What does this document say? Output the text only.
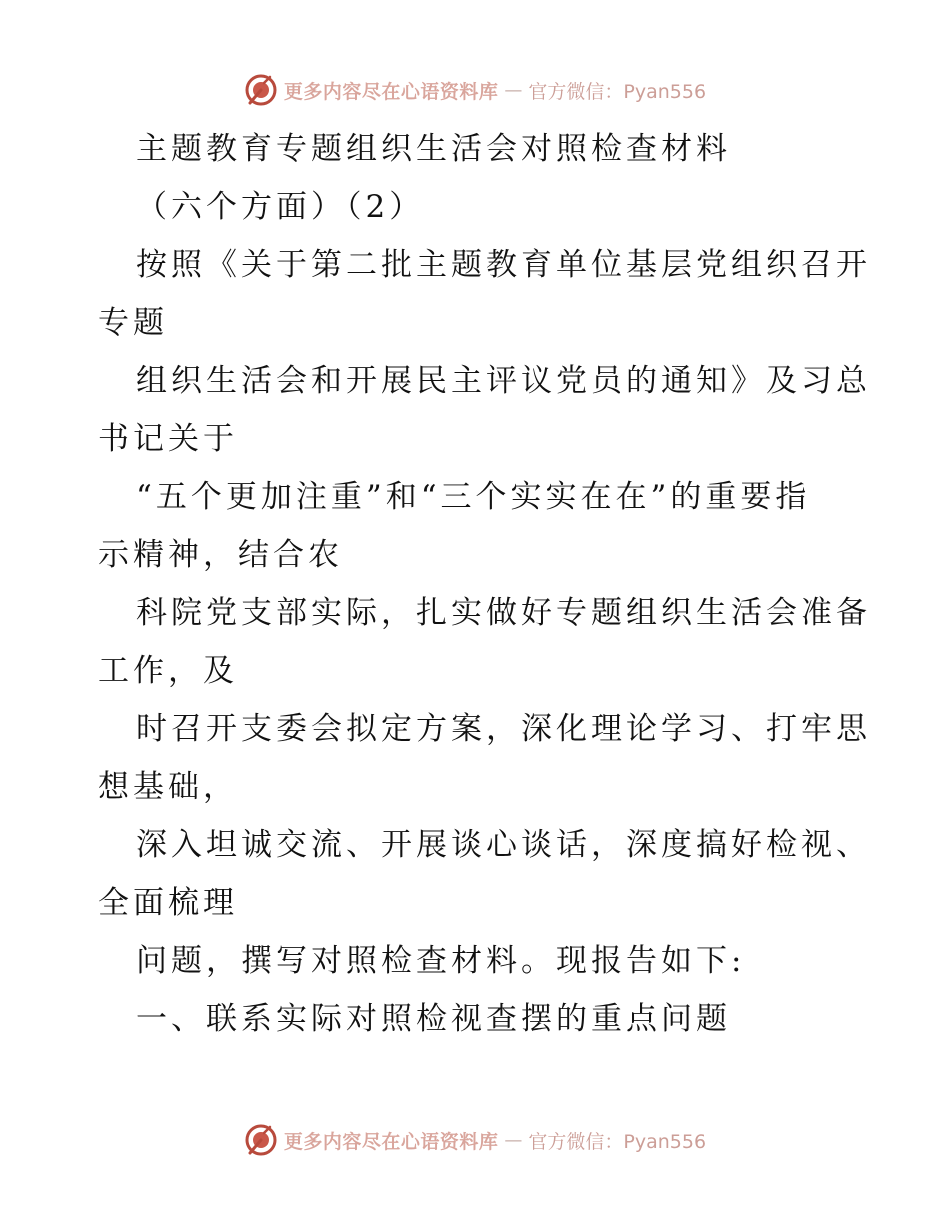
更多内容尽在心语资料库 — 官方微信：Pyan556

主题教育专题组织生活会对照检查材料

（六个方面）（2）

按照《关于第二批主题教育单位基层党组织召开

专题

组织生活会和开展民主评议党员的通知》及习总

书记关于

“五个更加注重”和“三个实实在在”的重要指

示精神，结合农

科院党支部实际，扎实做好专题组织生活会准备

工作，及

时召开支委会拟定方案，深化理论学习、打牢思

想基础，

深入坦诚交流、开展谈心谈话，深度搞好检视、

全面梳理

问题，撰写对照检查材料。现报告如下:

一、联系实际对照检视查摆的重点问题

更多内容尽在心语资料库 — 官方微信：Pyan556
